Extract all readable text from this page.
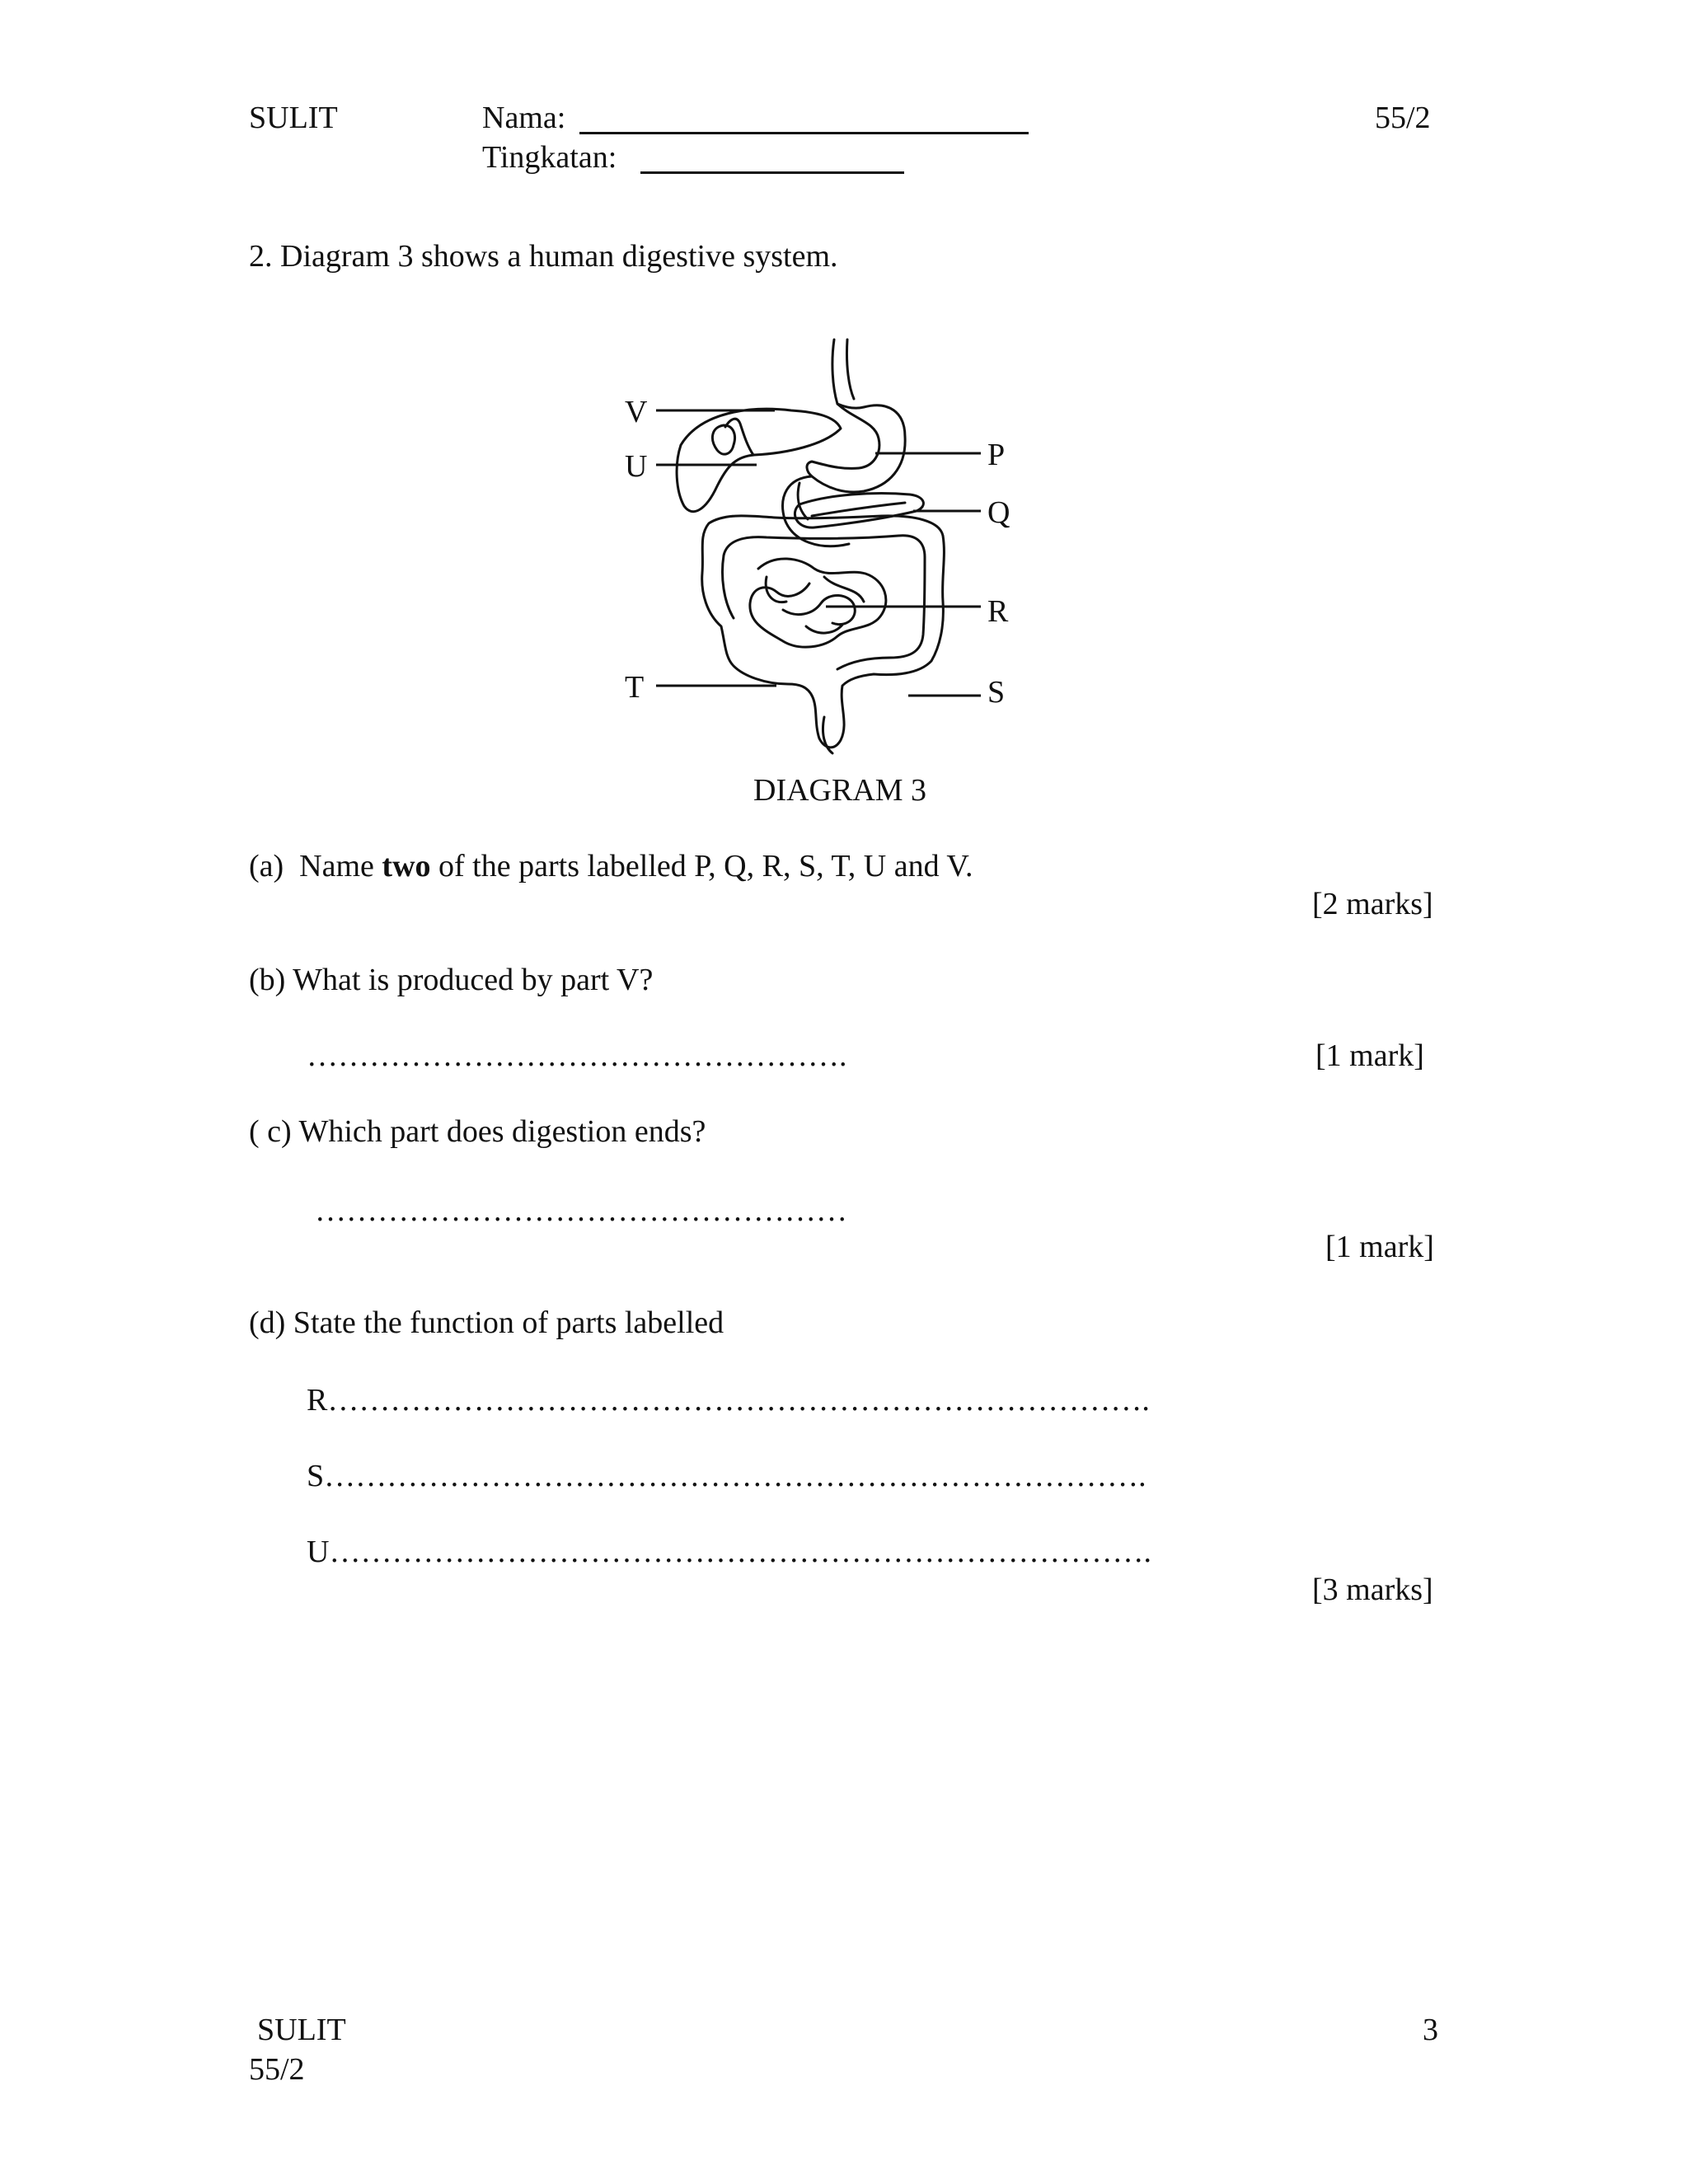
SULIT	Nama:
Tingkatan:
55/2
2. Diagram 3 shows a human digestive system.
V
U
T
P
Q
R
S
DIAGRAM 3
(a)  Name two of the parts labelled P, Q, R, S, T, U and V.
[2 marks]
(b) What is produced by part V?
…………………………………………….	[1 mark]
( c) Which part does digestion ends?
……………………………………………
[1 mark]
(d) State the function of parts labelled
R…………………………………………………………………….
S…………………………………………………………………….
U…………………………………………………………………….
[3 marks]
SULIT
55/2
3
